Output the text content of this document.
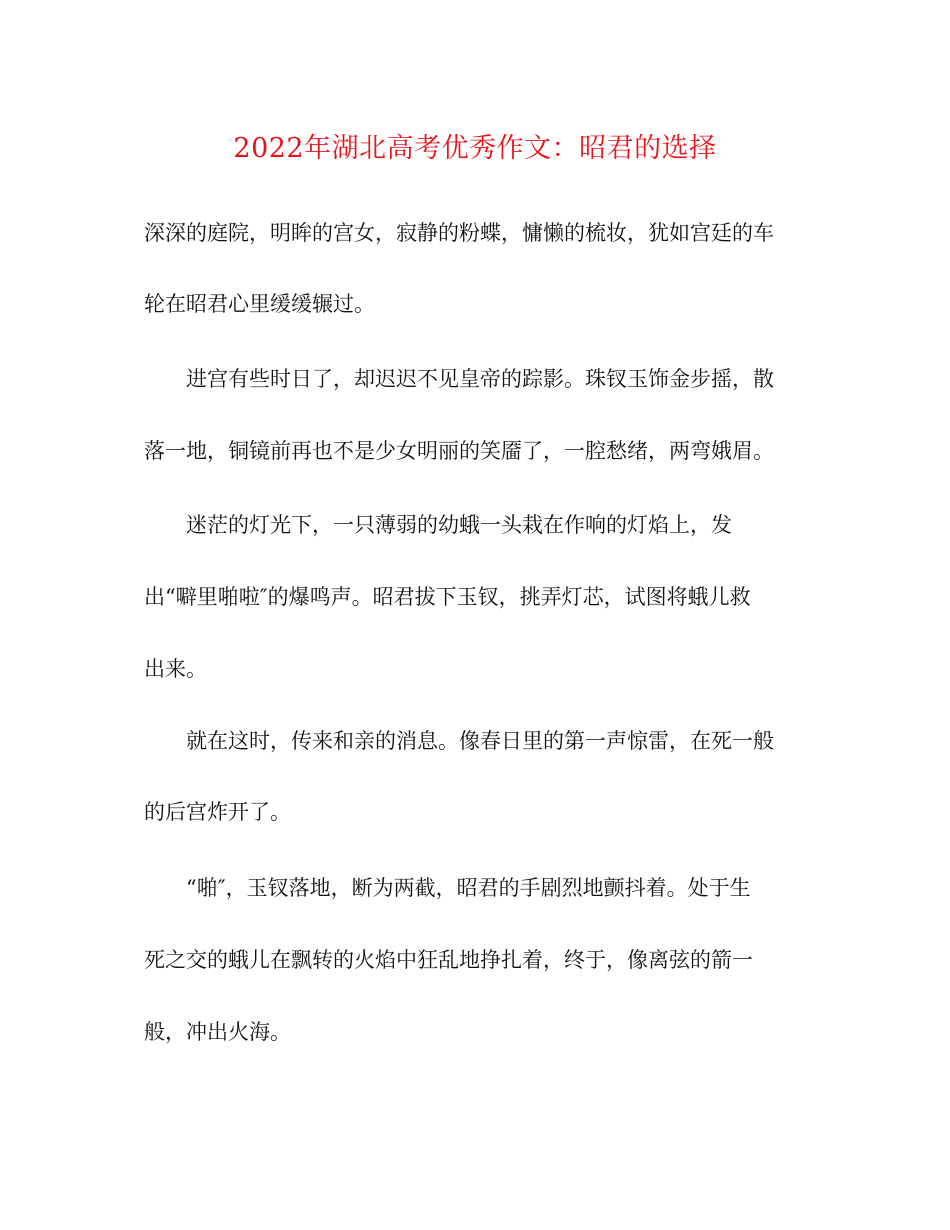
2022年湖北高考优秀作文：昭君的选择
深深的庭院，明眸的宫女，寂静的粉蝶，慵懒的梳妆，犹如宫廷的车
轮在昭君心里缓缓辗过。
进宫有些时日了，却迟迟不见皇帝的踪影。珠钗玉饰金步摇，散
落一地，铜镜前再也不是少女明丽的笑靥了，一腔愁绪，两弯娥眉。
迷茫的灯光下，一只薄弱的幼蛾一头栽在作响的灯焰上，发
出“噼里啪啦″的爆鸣声。昭君拔下玉钗，挑弄灯芯，试图将蛾儿救
出来。
就在这时，传来和亲的消息。像春日里的第一声惊雷，在死一般
的后宫炸开了。
“啪″，玉钗落地，断为两截，昭君的手剧烈地颤抖着。处于生
死之交的蛾儿在飘转的火焰中狂乱地挣扎着，终于，像离弦的箭一
般，冲出火海。
